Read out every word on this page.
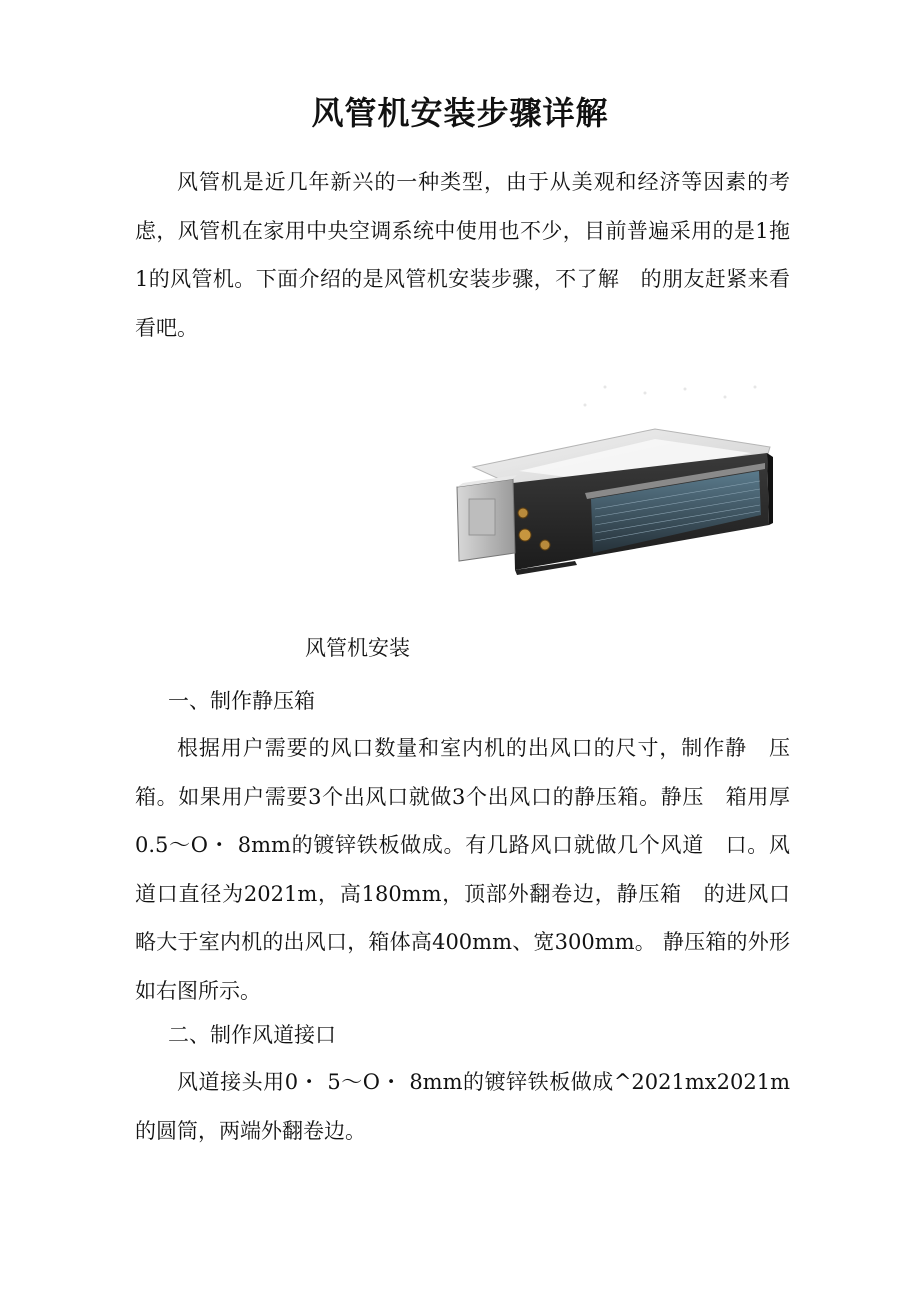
风管机安装步骤详解
风管机是近几年新兴的一种类型，由于从美观和经济等因素的考虑，风管机在家用中央空调系统中使用也不少，目前普遍采用的是1拖1的风管机。下面介绍的是风管机安装步骤，不了解　的朋友赶紧来看看吧。
风管机安装
一、制作静压箱
根据用户需要的风口数量和室内机的出风口的尺寸，制作静　压箱。如果用户需要3个出风口就做3个出风口的静压箱。静压　箱用厚0.5〜O・ 8mm的镀锌铁板做成。有几路风口就做几个风道　口。风道口直径为2021m，高180mm，顶部外翻卷边，静压箱　的进风口略大于室内机的出风口，箱体高400mm、宽300mm。 静压箱的外形如右图所示。
二、制作风道接口
风道接头用0・ 5〜O・ 8mm的镀锌铁板做成^2021mx2021m的圆筒，两端外翻卷边。
